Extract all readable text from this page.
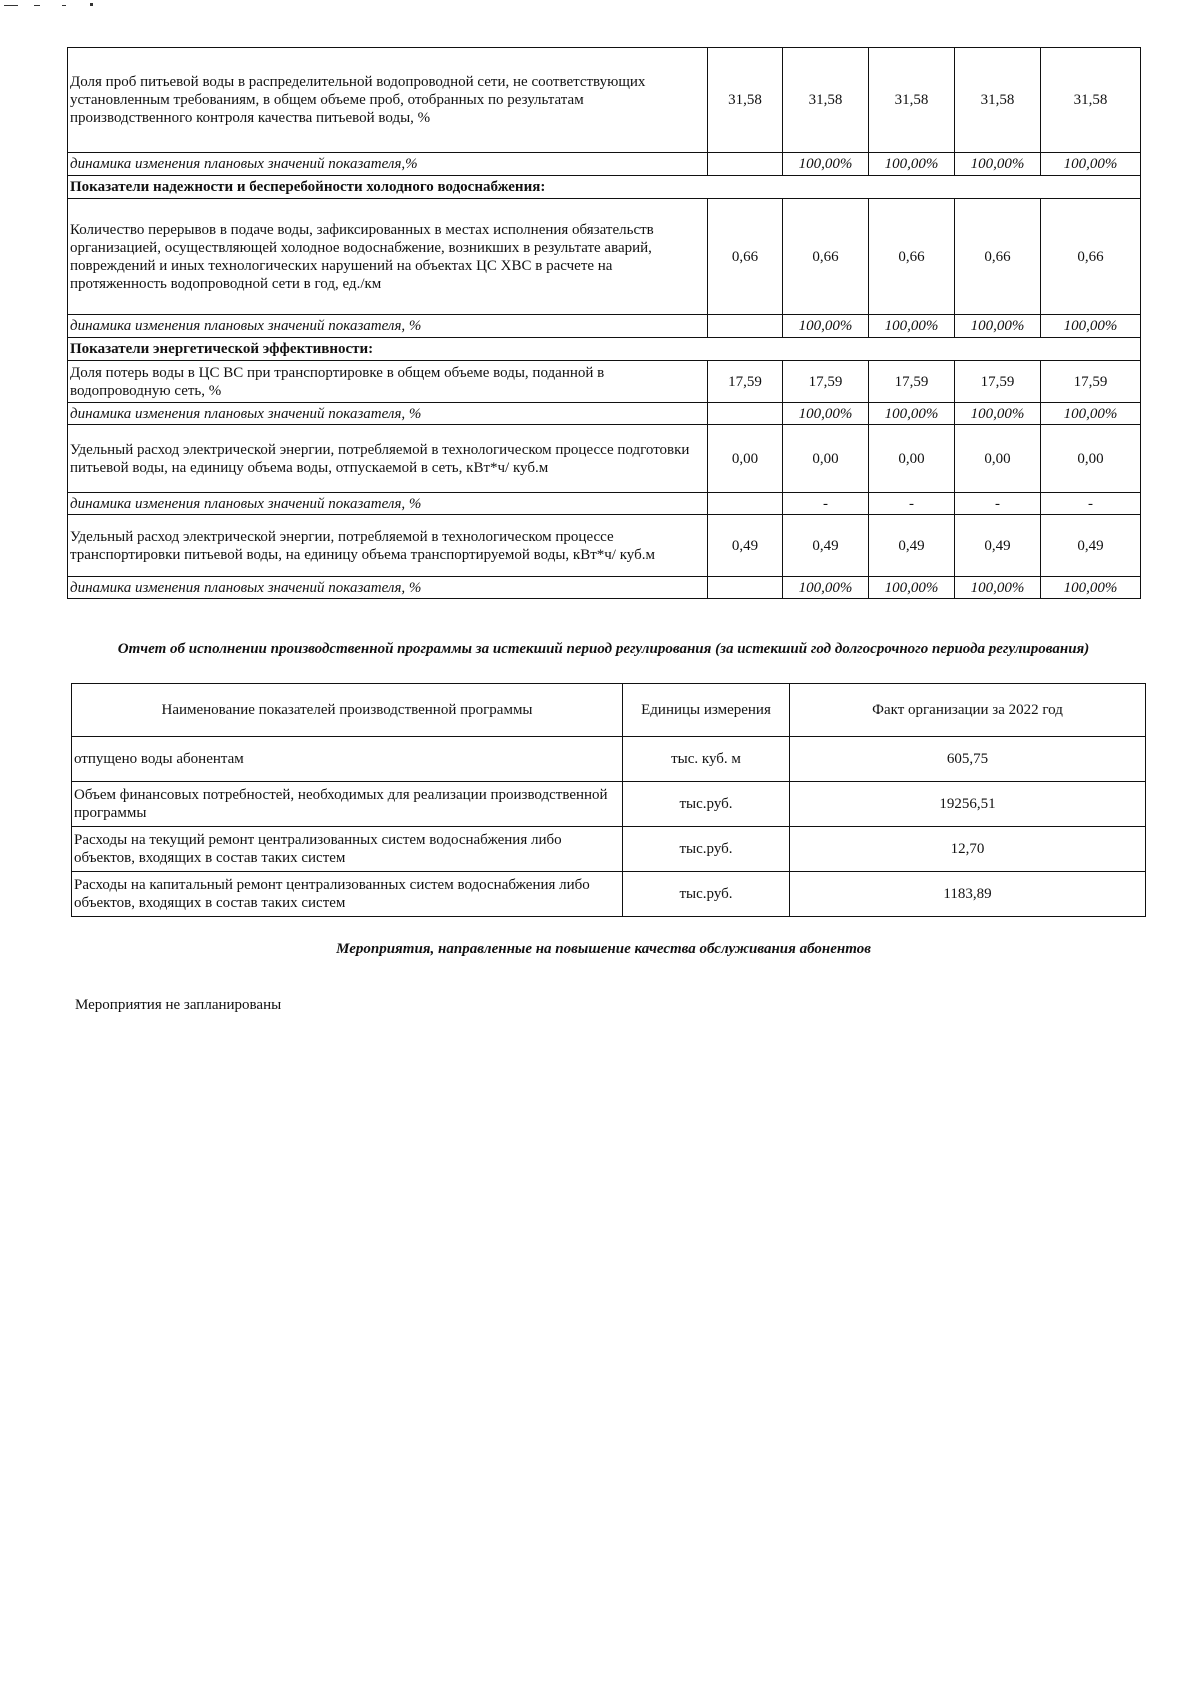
Доля проб питьевой воды в распределительной водопроводной сети, не соответствующих установленным требованиям, в общем объеме проб, отобранных по результатам производственного контроля качества питьевой воды, %	31,58	31,58	31,58	31,58	31,58
динамика изменения плановых значений показателя,%		100,00%	100,00%	100,00%	100,00%
Показатели надежности и бесперебойности холодного водоснабжения:					
Количество перерывов в подаче воды, зафиксированных в местах исполнения обязательств организацией, осуществляющей холодное водоснабжение, возникших в результате аварий, повреждений и иных технологических нарушений на объектах ЦС ХВС в расчете на протяженность водопроводной сети в год, ед./км	0,66	0,66	0,66	0,66	0,66
динамика изменения плановых значений показателя, %		100,00%	100,00%	100,00%	100,00%
Показатели энергетической эффективности:					
Доля потерь воды в ЦС ВС при транспортировке в общем объеме воды, поданной в водопроводную сеть, %	17,59	17,59	17,59	17,59	17,59
динамика изменения плановых значений показателя, %		100,00%	100,00%	100,00%	100,00%
Удельный расход электрической энергии, потребляемой в технологическом процессе подготовки питьевой воды, на единицу объема воды, отпускаемой в сеть, кВт*ч/ куб.м	0,00	0,00	0,00	0,00	0,00
динамика изменения плановых значений показателя, %		-	-	-	-
Удельный расход электрической энергии, потребляемой в технологическом процессе транспортировки питьевой воды, на единицу объема транспортируемой воды, кВт*ч/ куб.м	0,49	0,49	0,49	0,49	0,49
динамика изменения плановых значений показателя, %		100,00%	100,00%	100,00%	100,00%
Отчет об исполнении производственной программы за истекший период регулирования (за истекший год долгосрочного периода регулирования)
Наименование показателей производственной программы	Единицы измерения	Факт организации за 2022 год
отпущено воды абонентам	тыс. куб. м	605,75
Объем финансовых потребностей, необходимых для реализации производственной программы	тыс.руб.	19256,51
Расходы на текущий ремонт централизованных систем водоснабжения либо объектов, входящих в состав таких систем	тыс.руб.	12,70
Расходы на капитальный ремонт централизованных систем водоснабжения либо объектов, входящих в состав таких систем	тыс.руб.	1183,89
Мероприятия, направленные на повышение качества обслуживания абонентов
Мероприятия не запланированы
